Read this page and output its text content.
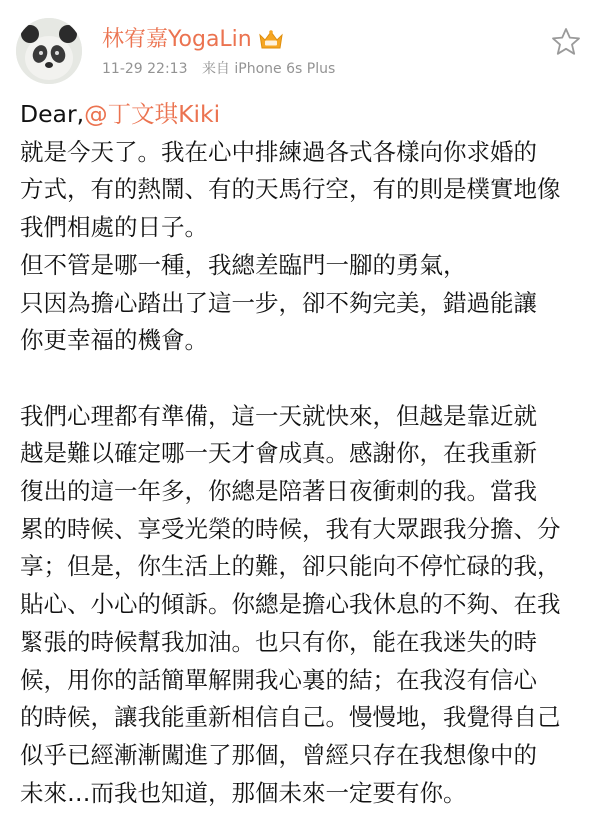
林宥嘉YogaLin
11-29 22:13 来自 iPhone 6s Plus

Dear,@丁文琪Kiki

就是今天了。我在心中排練過各式各樣向你求婚的

方式，有的熱鬧、有的天馬行空，有的則是樸實地像

我們相處的日子。

但不管是哪一種，我總差臨門一腳的勇氣，

只因為擔心踏出了這一步，卻不夠完美，錯過能讓

你更幸福的機會。

我們心理都有準備，這一天就快來，但越是靠近就

越是難以確定哪一天才會成真。感謝你，在我重新

復出的這一年多，你總是陪著日夜衝刺的我。當我

累的時候、享受光榮的時候，我有大眾跟我分擔、分

享；但是，你生活上的難，卻只能向不停忙碌的我，

貼心、小心的傾訴。你總是擔心我休息的不夠、在我

緊張的時候幫我加油。也只有你，能在我迷失的時

候，用你的話簡單解開我心裏的結；在我沒有信心

的時候，讓我能重新相信自己。慢慢地，我覺得自己

似乎已經漸漸闖進了那個，曾經只存在我想像中的

未來…而我也知道，那個未來一定要有你。
